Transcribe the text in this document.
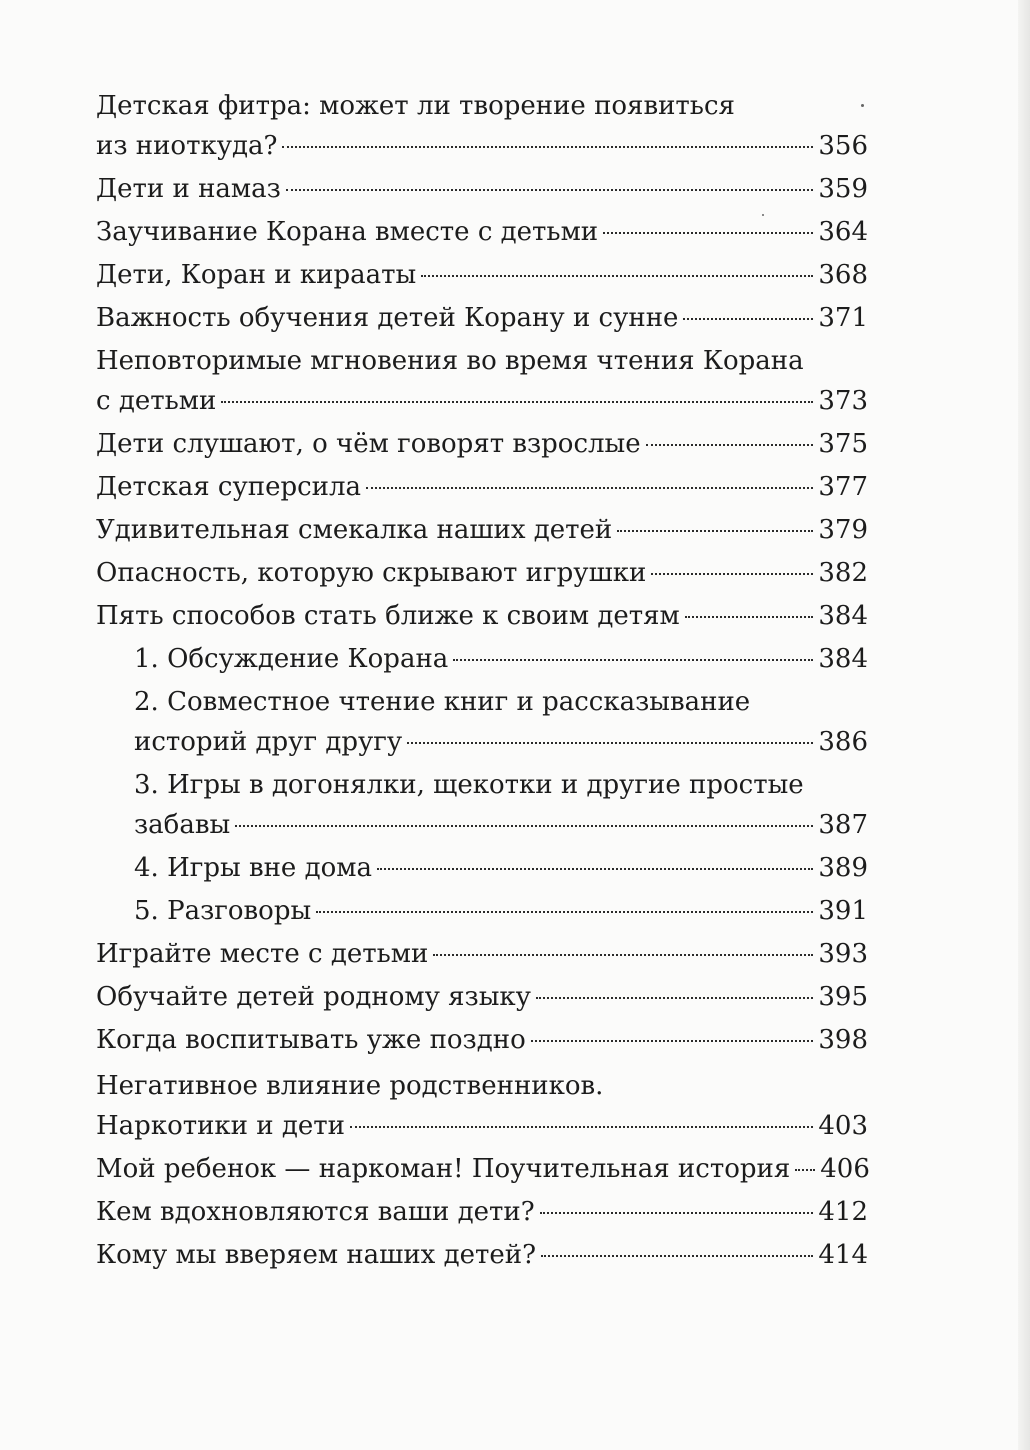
Детская фитра: может ли творение появиться
из ниоткуда?	356
Дети и намаз	359
Заучивание Корана вместе с детьми	364
Дети, Коран и кирааты	368
Важность обучения детей Корану и сунне	371
Неповторимые мгновения во время чтения Корана
с детьми	373
Дети слушают, о чём говорят взрослые	375
Детская суперсила	377
Удивительная смекалка наших детей	379
Опасность, которую скрывают игрушки	382
Пять способов стать ближе к своим детям	384
1. Обсуждение Корана	384
2. Совместное чтение книг и рассказывание
историй друг другу	386
3. Игры в догонялки, щекотки и другие простые
забавы	387
4. Игры вне дома	389
5. Разговоры	391
Играйте месте с детьми	393
Обучайте детей родному языку	395
Когда воспитывать уже поздно	398
Негативное влияние родственников.
Наркотики и дети	403
Мой ребенок — наркоман! Поучительная история 406
Кем вдохновляются ваши дети?	412
Кому мы вверяем наших детей?	414
